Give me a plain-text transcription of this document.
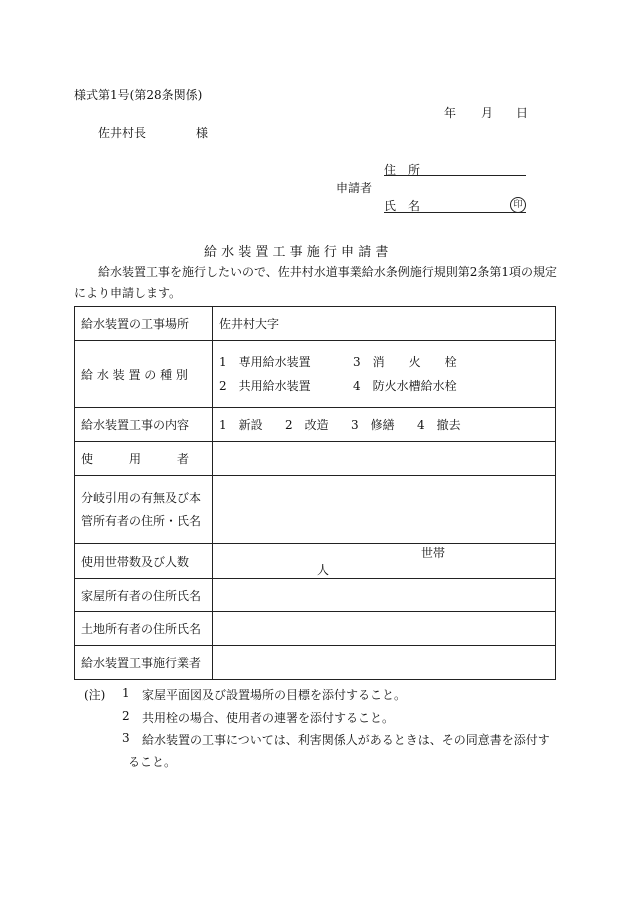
様式第1号(第28条関係)
年 月 日
佐井村長	様
住　所
申請者
氏　名	印
給 水 装 置 工 事 施 行 申 請 書
給水装置工事を施行したいので、佐井村水道事業給水条例施行規則第2条第1項の規定
により申請します。
給水装置の工事場所	佐井村大字
給 水 装 置 の 種 別	1　専用給水装置 3　消　　火　　栓
2　共用給水装置 4　防火水槽給水栓

給水装置工事の内容	1　新設 2　改造 3　修繕 4　撤去
使　　　用　　　者	

分岐引用の有無及び本
管所有者の住所・氏名	

使用世帯数及び人数	世帯人
家屋所有者の住所氏名	
土地所有者の住所氏名	
給水装置工事施行業者	
(注) 1 家屋平面図及び設置場所の目標を添付すること。
2 共用栓の場合、使用者の連署を添付すること。
3 給水装置の工事については、利害関係人があるときは、その同意書を添付す
ること。
